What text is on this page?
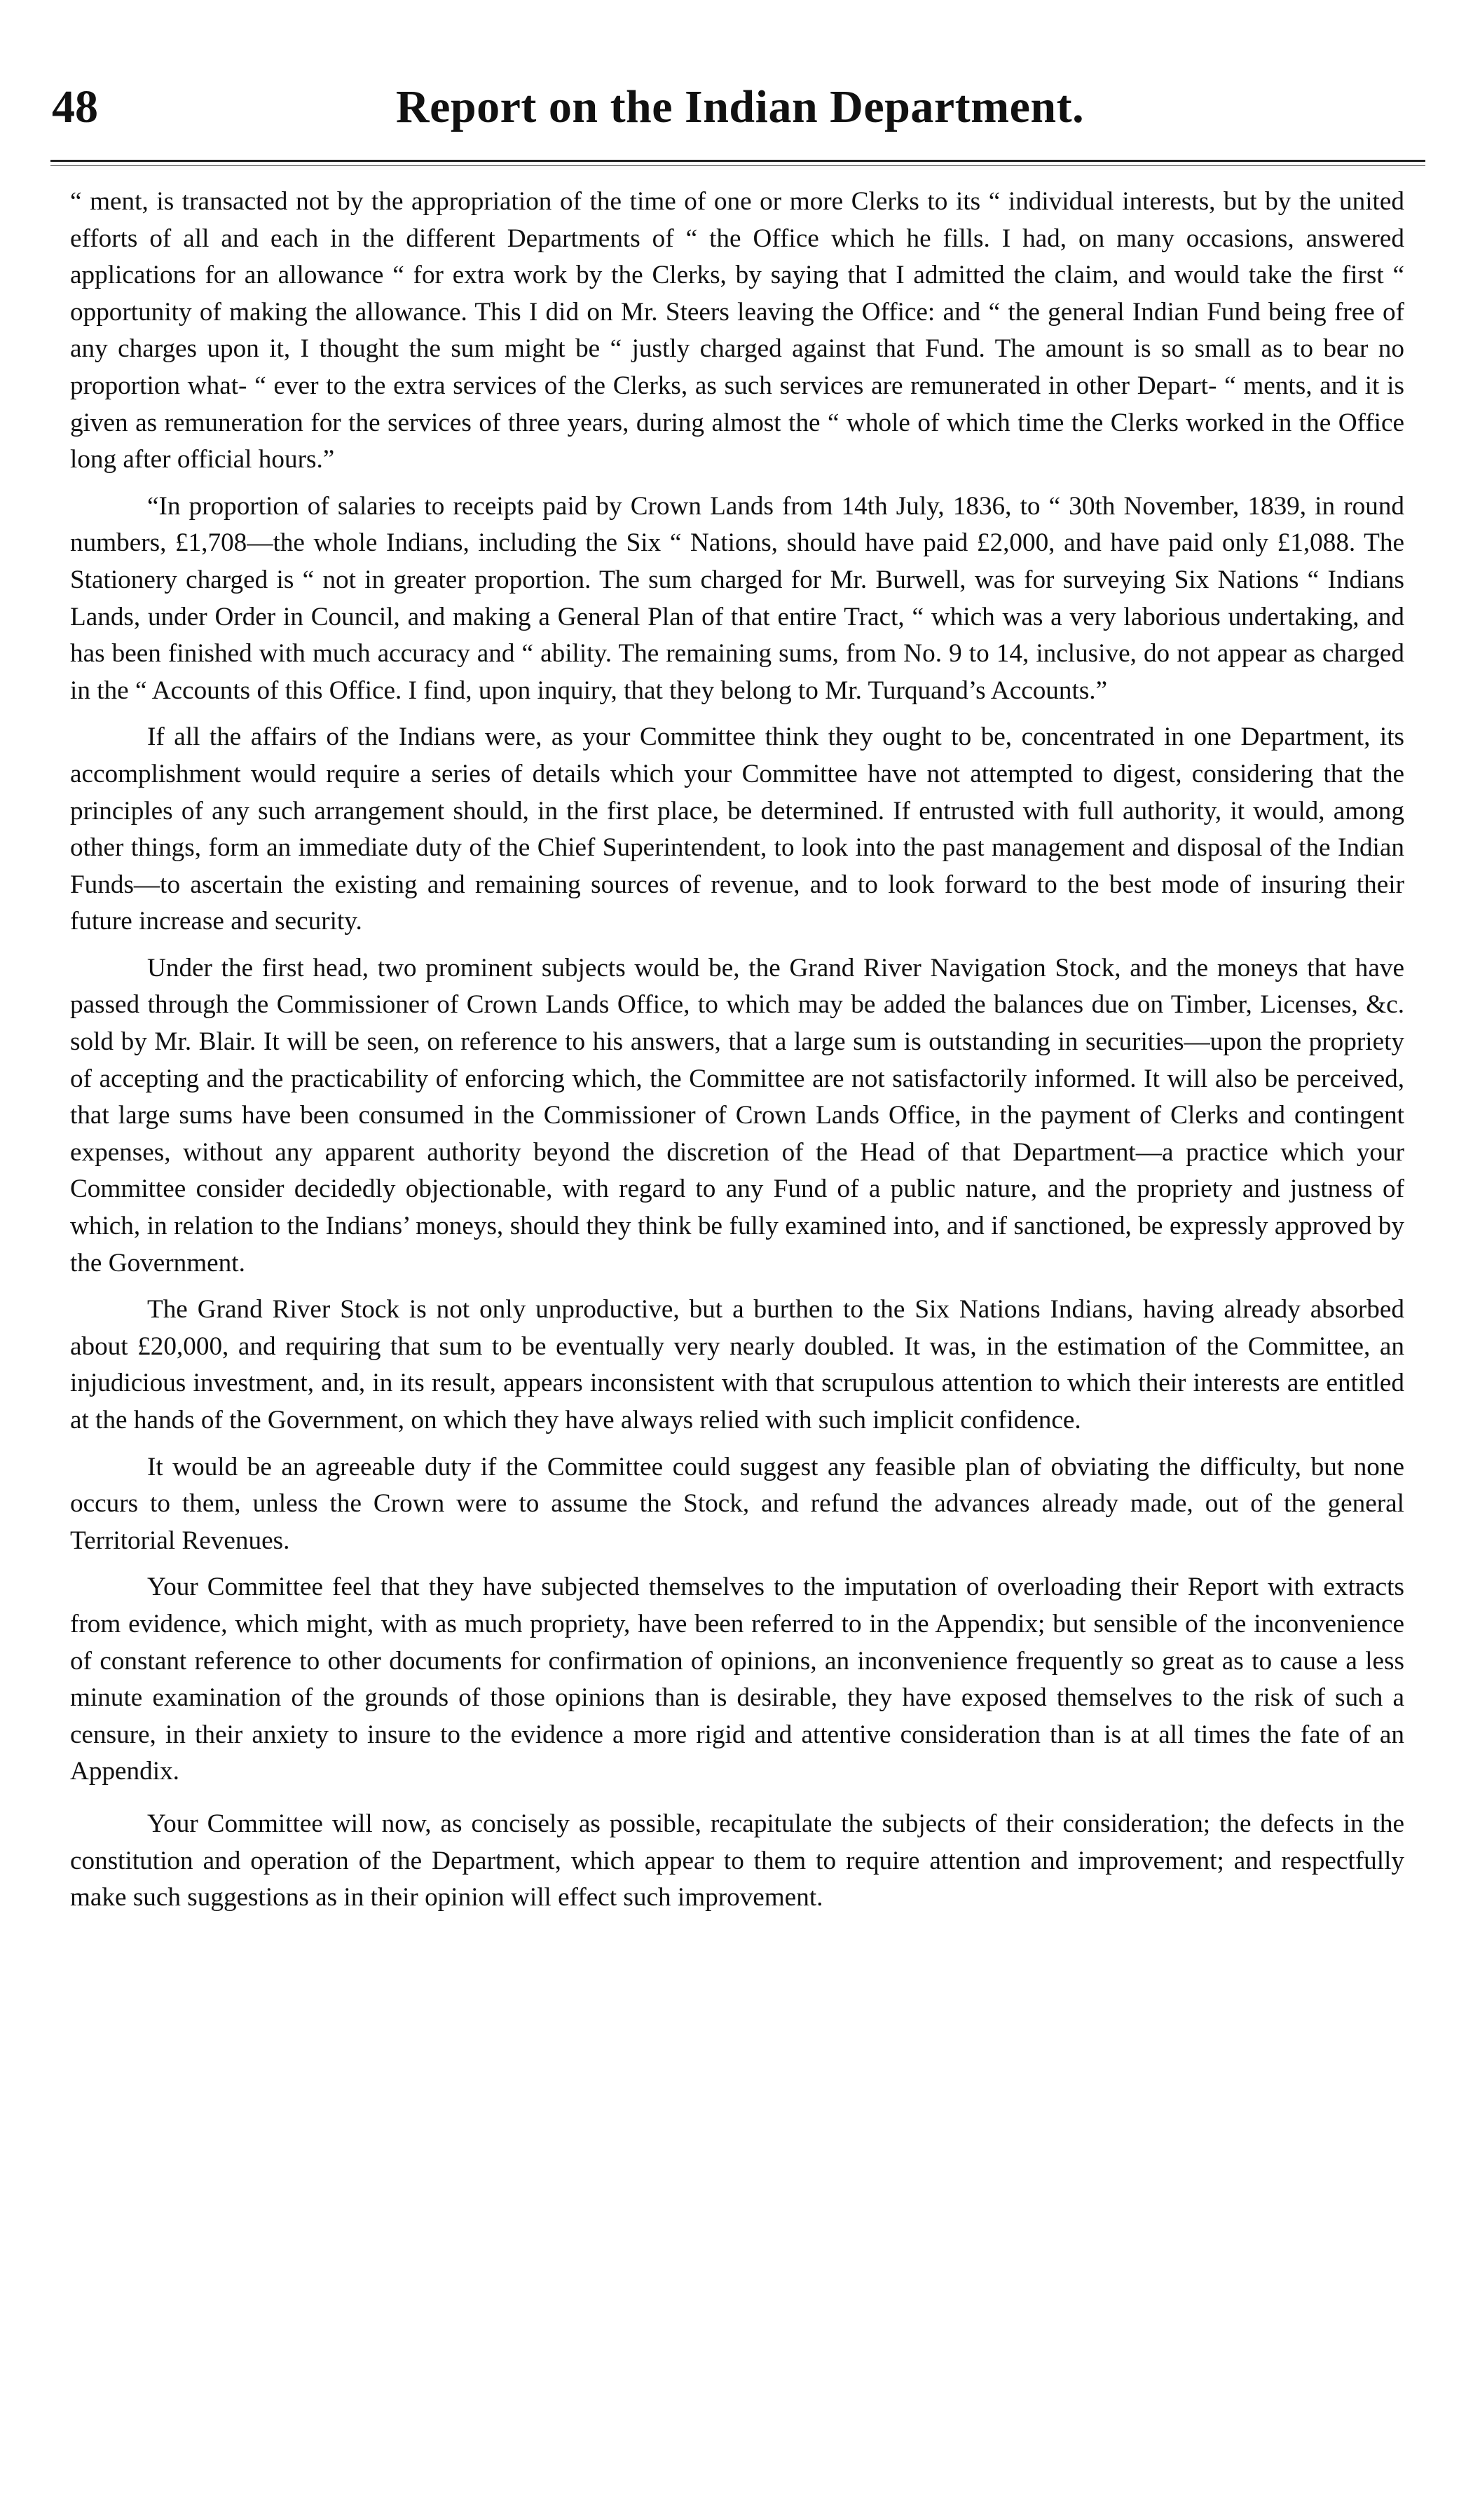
48	Report on the Indian Department.

“ ment, is transacted not by the appropriation of the time of one or more Clerks to its “ individual interests, but by the united efforts of all and each in the different Departments of “ the Office which he fills. I had, on many occasions, answered applications for an allowance “ for extra work by the Clerks, by saying that I admitted the claim, and would take the first “ opportunity of making the allowance. This I did on Mr. Steers leaving the Office: and “ the general Indian Fund being free of any charges upon it, I thought the sum might be “ justly charged against that Fund. The amount is so small as to bear no proportion what- “ ever to the extra services of the Clerks, as such services are remunerated in other Depart- “ ments, and it is given as remuneration for the services of three years, during almost the “ whole of which time the Clerks worked in the Office long after official hours.”

“In proportion of salaries to receipts paid by Crown Lands from 14th July, 1836, to “ 30th November, 1839, in round numbers, £1,708—the whole Indians, including the Six “ Nations, should have paid £2,000, and have paid only £1,088. The Stationery charged is “ not in greater proportion. The sum charged for Mr. Burwell, was for surveying Six Nations “ Indians Lands, under Order in Council, and making a General Plan of that entire Tract, “ which was a very laborious undertaking, and has been finished with much accuracy and “ ability. The remaining sums, from No. 9 to 14, inclusive, do not appear as charged in the “ Accounts of this Office. I find, upon inquiry, that they belong to Mr. Turquand’s Accounts.”

If all the affairs of the Indians were, as your Committee think they ought to be, concentrated in one Department, its accomplishment would require a series of details which your Committee have not attempted to digest, considering that the principles of any such arrangement should, in the first place, be determined. If entrusted with full authority, it would, among other things, form an immediate duty of the Chief Superintendent, to look into the past management and disposal of the Indian Funds—to ascertain the existing and remaining sources of revenue, and to look forward to the best mode of insuring their future increase and security.

Under the first head, two prominent subjects would be, the Grand River Navigation Stock, and the moneys that have passed through the Commissioner of Crown Lands Office, to which may be added the balances due on Timber, Licenses, &c. sold by Mr. Blair. It will be seen, on reference to his answers, that a large sum is outstanding in securities—upon the propriety of accepting and the practicability of enforcing which, the Committee are not satisfactorily informed. It will also be perceived, that large sums have been consumed in the Commissioner of Crown Lands Office, in the payment of Clerks and contingent expenses, without any apparent authority beyond the discretion of the Head of that Department—a practice which your Committee consider decidedly objectionable, with regard to any Fund of a public nature, and the propriety and justness of which, in relation to the Indians’ moneys, should they think be fully examined into, and if sanctioned, be expressly approved by the Government.

The Grand River Stock is not only unproductive, but a burthen to the Six Nations Indians, having already absorbed about £20,000, and requiring that sum to be eventually very nearly doubled. It was, in the estimation of the Committee, an injudicious investment, and, in its result, appears inconsistent with that scrupulous attention to which their interests are entitled at the hands of the Government, on which they have always relied with such implicit confidence.

It would be an agreeable duty if the Committee could suggest any feasible plan of obviating the difficulty, but none occurs to them, unless the Crown were to assume the Stock, and refund the advances already made, out of the general Territorial Revenues.

Your Committee feel that they have subjected themselves to the imputation of overloading their Report with extracts from evidence, which might, with as much propriety, have been referred to in the Appendix; but sensible of the inconvenience of constant reference to other documents for confirmation of opinions, an inconvenience frequently so great as to cause a less minute examination of the grounds of those opinions than is desirable, they have exposed themselves to the risk of such a censure, in their anxiety to insure to the evidence a more rigid and attentive consideration than is at all times the fate of an Appendix.

Your Committee will now, as concisely as possible, recapitulate the subjects of their consideration; the defects in the constitution and operation of the Department, which appear to them to require attention and improvement; and respectfully make such suggestions as in their opinion will effect such improvement.
